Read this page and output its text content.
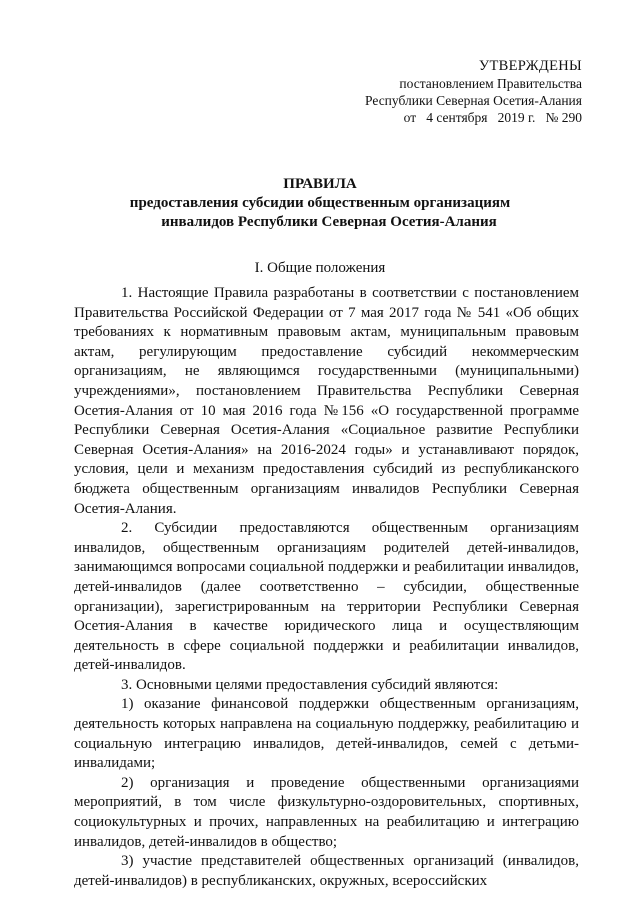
УТВЕРЖДЕНЫ
постановлением Правительства
Республики Северная Осетия-Алания
от   4 сентября   2019 г.   № 290
ПРАВИЛА
предоставления субсидии общественным организациям
инвалидов Республики Северная Осетия-Алания
I. Общие положения

1. Настоящие Правила разработаны в соответствии с постановлением Правительства Российской Федерации от 7 мая 2017 года № 541 «Об общих требованиях к нормативным правовым актам, муниципальным правовым актам, регулирующим предоставление субсидий некоммерческим организациям, не являющимся государственными (муниципальными) учреждениями», постановлением Правительства Республики Северная Осетия-Алания от 10 мая 2016 года №156 «О государственной программе Республики Северная Осетия-Алания «Социальное развитие Республики Северная Осетия-Алания» на 2016-2024 годы» и устанавливают порядок, условия, цели и механизм предоставления субсидий из республиканского бюджета общественным организациям инвалидов Республики Северная Осетия-Алания.

2. Субсидии предоставляются общественным организациям инвалидов, общественным организациям родителей детей-инвалидов, занимающимся вопросами социальной поддержки и реабилитации инвалидов, детей-инвалидов (далее соответственно – субсидии, общественные организации), зарегистрированным на территории Республики Северная Осетия-Алания в качестве юридического лица и осуществляющим деятельность в сфере социальной поддержки и реабилитации инвалидов, детей-инвалидов.

3. Основными целями предоставления субсидий являются:

1) оказание финансовой поддержки общественным организациям, деятельность которых направлена на социальную поддержку, реабилитацию и социальную интеграцию инвалидов, детей-инвалидов, семей с детьми-инвалидами;

2) организация и проведение общественными организациями мероприятий, в том числе физкультурно-оздоровительных, спортивных, социокультурных и прочих, направленных на реабилитацию и интеграцию инвалидов, детей-инвалидов в общество;

3) участие представителей общественных организаций (инвалидов, детей-инвалидов) в республиканских, окружных, всероссийских
